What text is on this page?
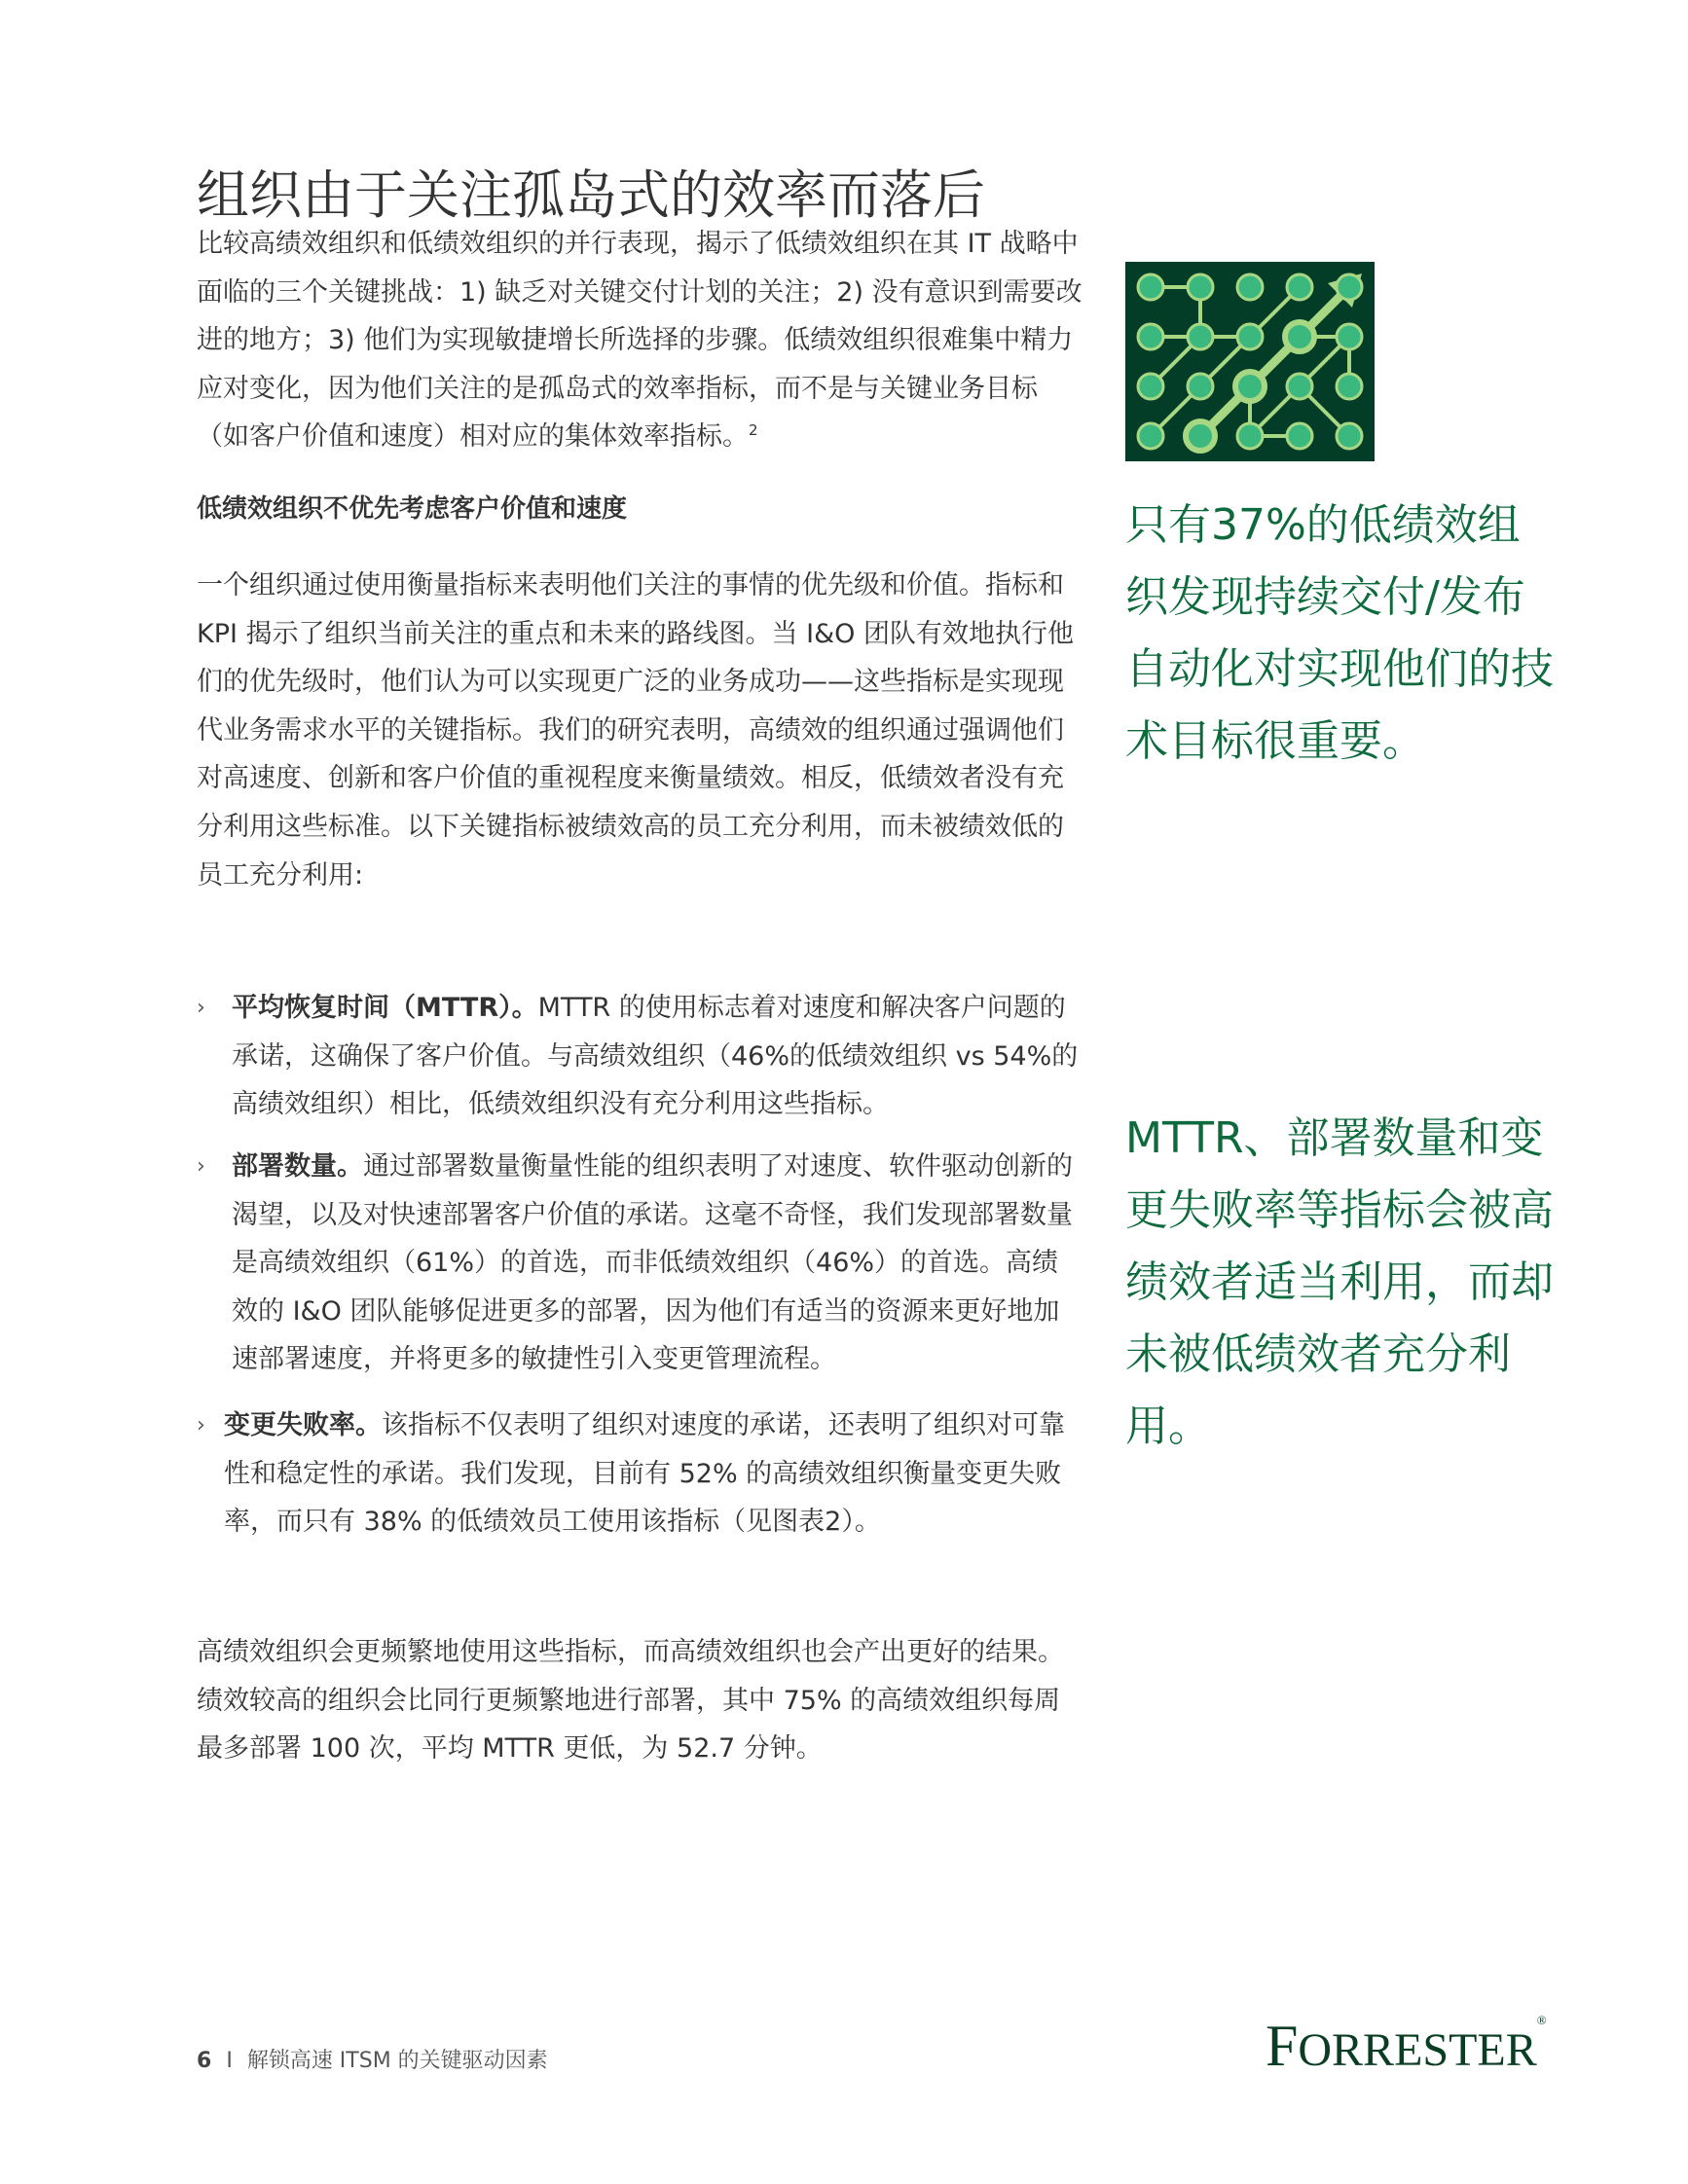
组织由于关注孤岛式的效率而落后
比较高绩效组织和低绩效组织的并行表现，揭示了低绩效组织在其 IT 战略中面临的三个关键挑战：1) 缺乏对关键交付计划的关注；2) 没有意识到需要改进的地方；3) 他们为实现敏捷增长所选择的步骤。低绩效组织很难集中精力应对变化，因为他们关注的是孤岛式的效率指标，而不是与关键业务目标（如客户价值和速度）相对应的集体效率指标。$^2$
低绩效组织不优先考虑客户价值和速度
一个组织通过使用衡量指标来表明他们关注的事情的优先级和价值。指标和 KPI 揭示了组织当前关注的重点和未来的路线图。当 I&O 团队有效地执行他们的优先级时，他们认为可以实现更广泛的业务成功——这些指标是实现现代业务需求水平的关键指标。我们的研究表明，高绩效的组织通过强调他们对高速度、创新和客户价值的重视程度来衡量绩效。相反，低绩效者没有充分利用这些标准。以下关键指标被绩效高的员工充分利用，而未被绩效低的员工充分利用:
› 平均恢复时间（MTTR）。MTTR 的使用标志着对速度和解决客户问题的承诺，这确保了客户价值。与高绩效组织（46%的低绩效组织 vs 54%的高绩效组织）相比，低绩效组织没有充分利用这些指标。
› 部署数量。通过部署数量衡量性能的组织表明了对速度、软件驱动创新的渴望，以及对快速部署客户价值的承诺。这毫不奇怪，我们发现部署数量是高绩效组织（61%）的首选，而非低绩效组织（46%）的首选。高绩效的 I&O 团队能够促进更多的部署，因为他们有适当的资源来更好地加速部署速度，并将更多的敏捷性引入变更管理流程。
› 变更失败率。该指标不仅表明了组织对速度的承诺，还表明了组织对可靠性和稳定性的承诺。我们发现，目前有 52% 的高绩效组织衡量变更失败率，而只有 38% 的低绩效员工使用该指标（见图表2）。
高绩效组织会更频繁地使用这些指标，而高绩效组织也会产出更好的结果。 绩效较高的组织会比同行更频繁地进行部署，其中 75% 的高绩效组织每周最多部署 100 次，平均 MTTR 更低，为 52.7 分钟。
只有37%的低绩效组织发现持续交付/发布自动化对实现他们的技术目标很重要。
MTTR、部署数量和变更失败率等指标会被高绩效者适当利用，而却未被低绩效者充分利用。
6 I 解锁高速 ITSM 的关键驱动因素	FORRESTER®
